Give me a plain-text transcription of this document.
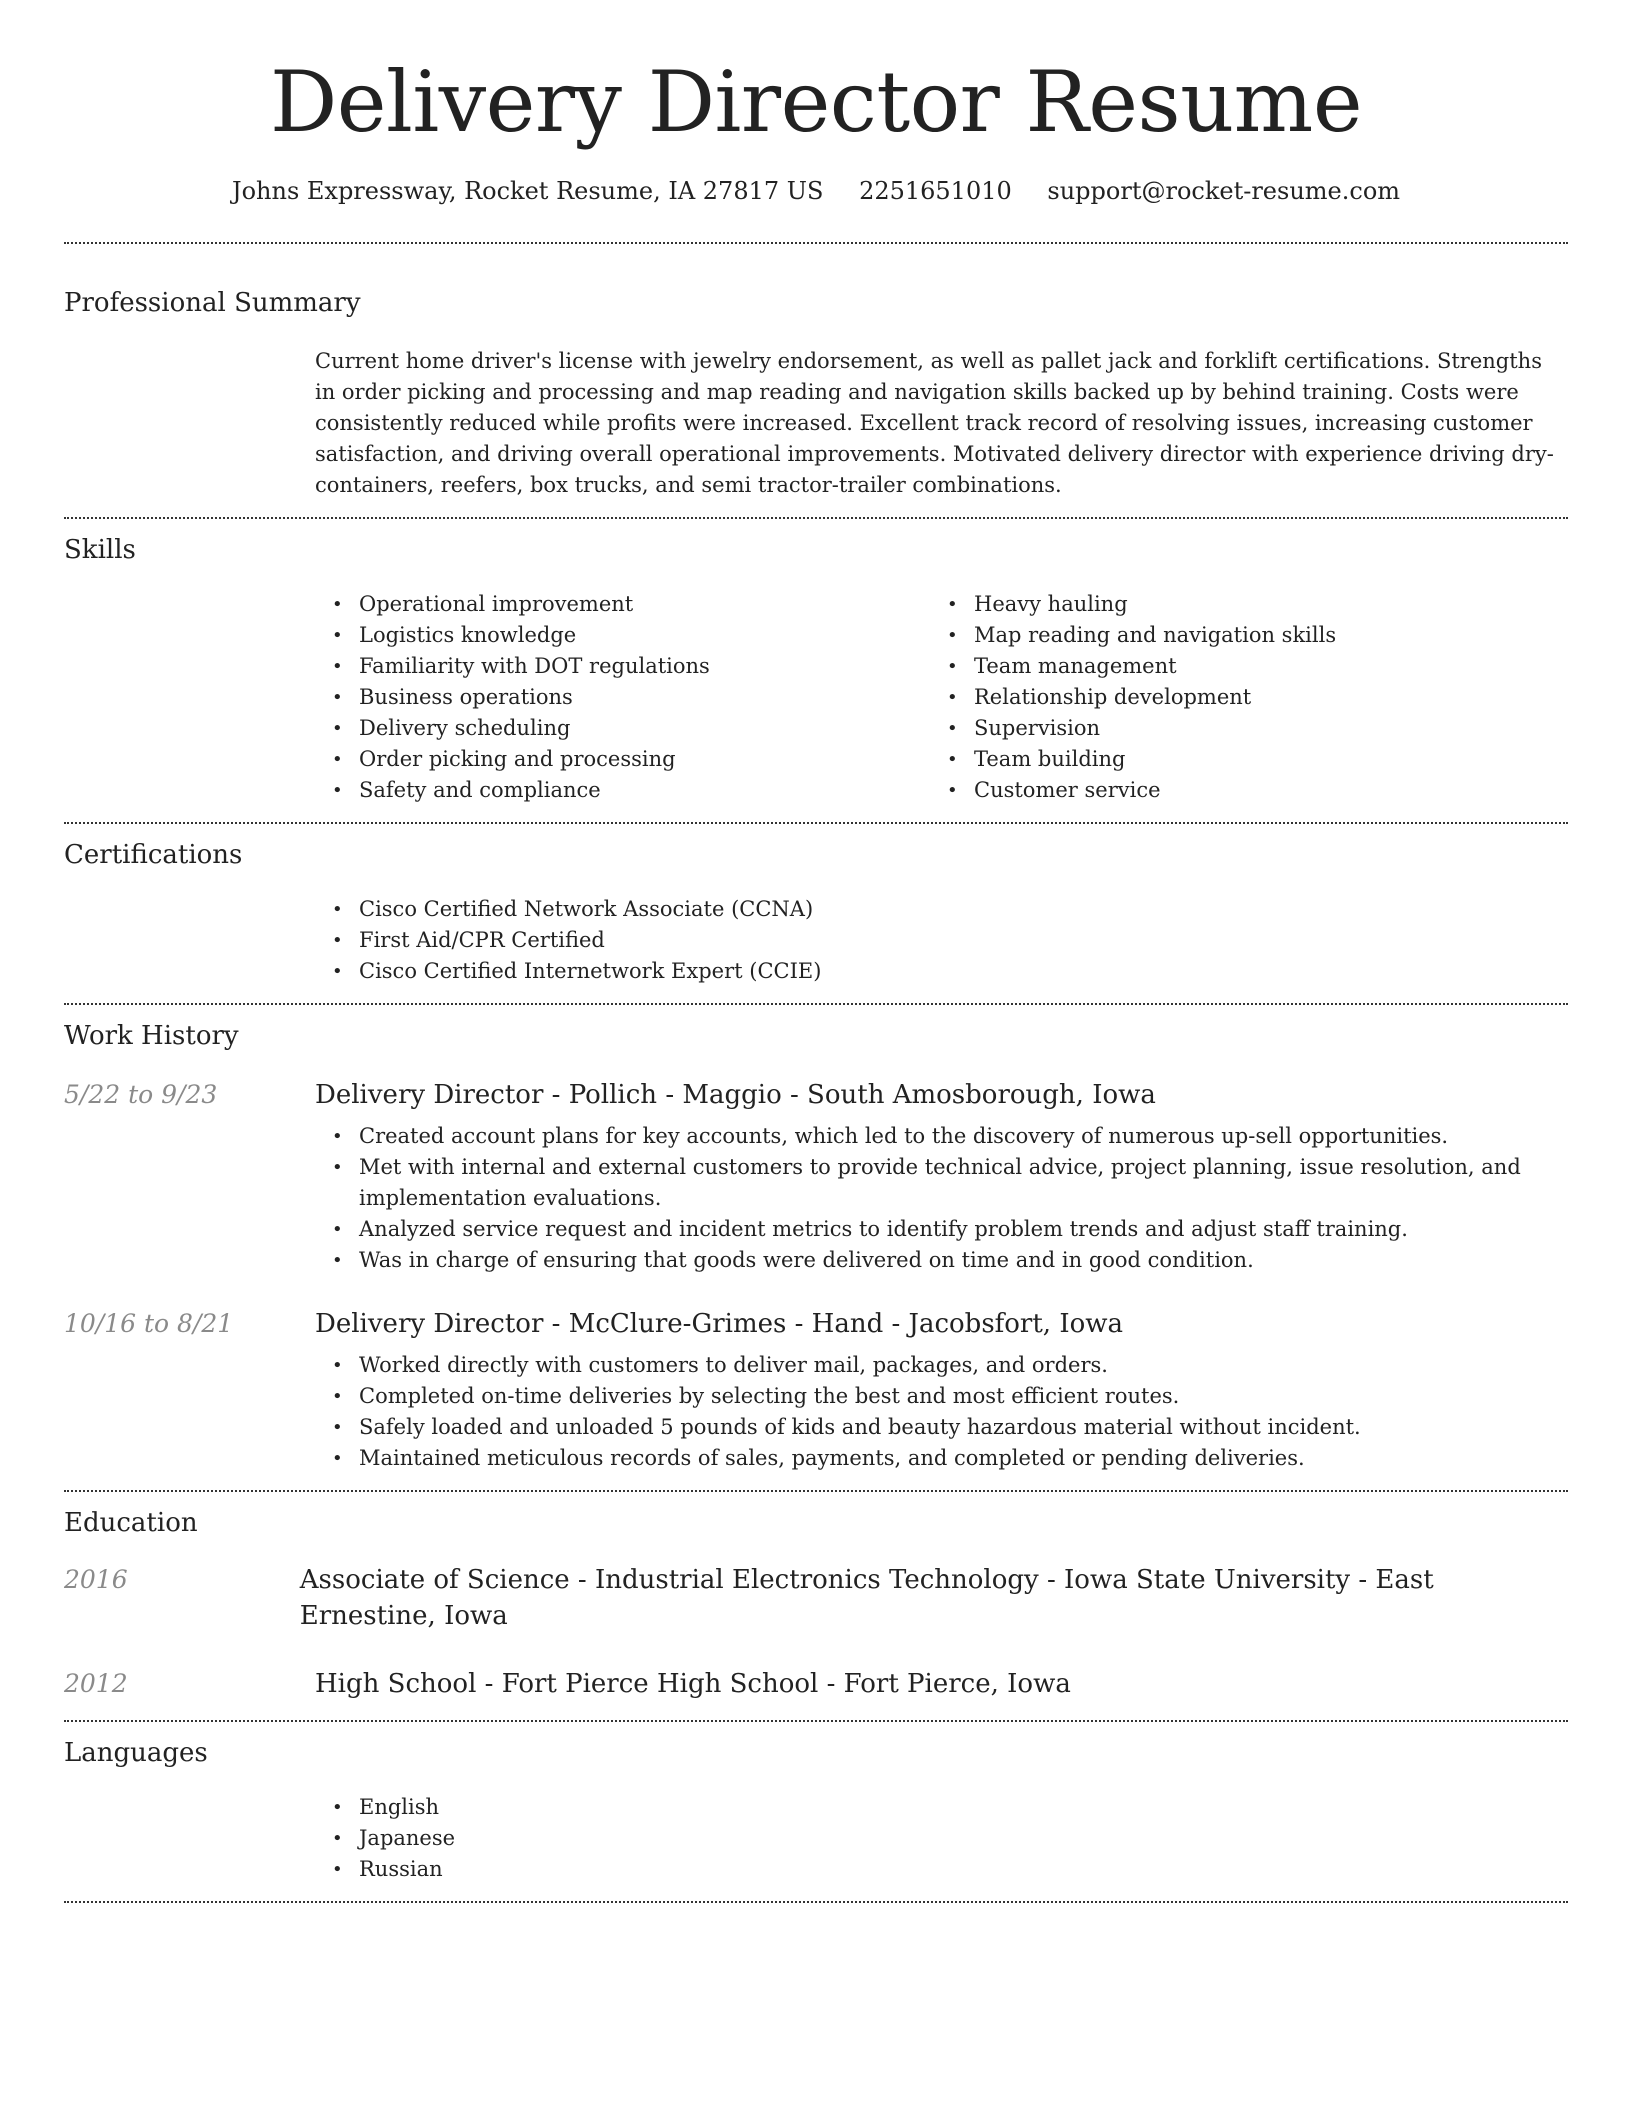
Delivery Director Resume
Johns Expressway, Rocket Resume, IA 27817 US 2251651010 support@rocket-resume.com
Professional Summary

Current home driver's license with jewelry endorsement, as well as pallet jack and forklift certifications. Strengths in order picking and processing and map reading and navigation skills backed up by behind training. Costs were consistently reduced while profits were increased. Excellent track record of resolving issues, increasing customer satisfaction, and driving overall operational improvements. Motivated delivery director with experience driving dry-containers, reefers, box trucks, and semi tractor-trailer combinations.

Skills
• Operational improvement
• Logistics knowledge
• Familiarity with DOT regulations
• Business operations
• Delivery scheduling
• Order picking and processing
• Safety and compliance
• Heavy hauling
• Map reading and navigation skills
• Team management
• Relationship development
• Supervision
• Team building
• Customer service
Certifications
• Cisco Certified Network Associate (CCNA)
• First Aid/CPR Certified
• Cisco Certified Internetwork Expert (CCIE)
Work History
5/22 to 9/23	Delivery Director - Pollich - Maggio - South Amosborough, Iowa
• Created account plans for key accounts, which led to the discovery of numerous up-sell opportunities.
• Met with internal and external customers to provide technical advice, project planning, issue resolution, and implementation evaluations.
• Analyzed service request and incident metrics to identify problem trends and adjust staff training.
• Was in charge of ensuring that goods were delivered on time and in good condition.
10/16 to 8/21	Delivery Director - McClure-Grimes - Hand - Jacobsfort, Iowa
• Worked directly with customers to deliver mail, packages, and orders.
• Completed on-time deliveries by selecting the best and most efficient routes.
• Safely loaded and unloaded 5 pounds of kids and beauty hazardous material without incident.
• Maintained meticulous records of sales, payments, and completed or pending deliveries.
Education
2016	Associate of Science - Industrial Electronics Technology - Iowa State University - East Ernestine, Iowa
2012	High School - Fort Pierce High School - Fort Pierce, Iowa
Languages
• English
• Japanese
• Russian
